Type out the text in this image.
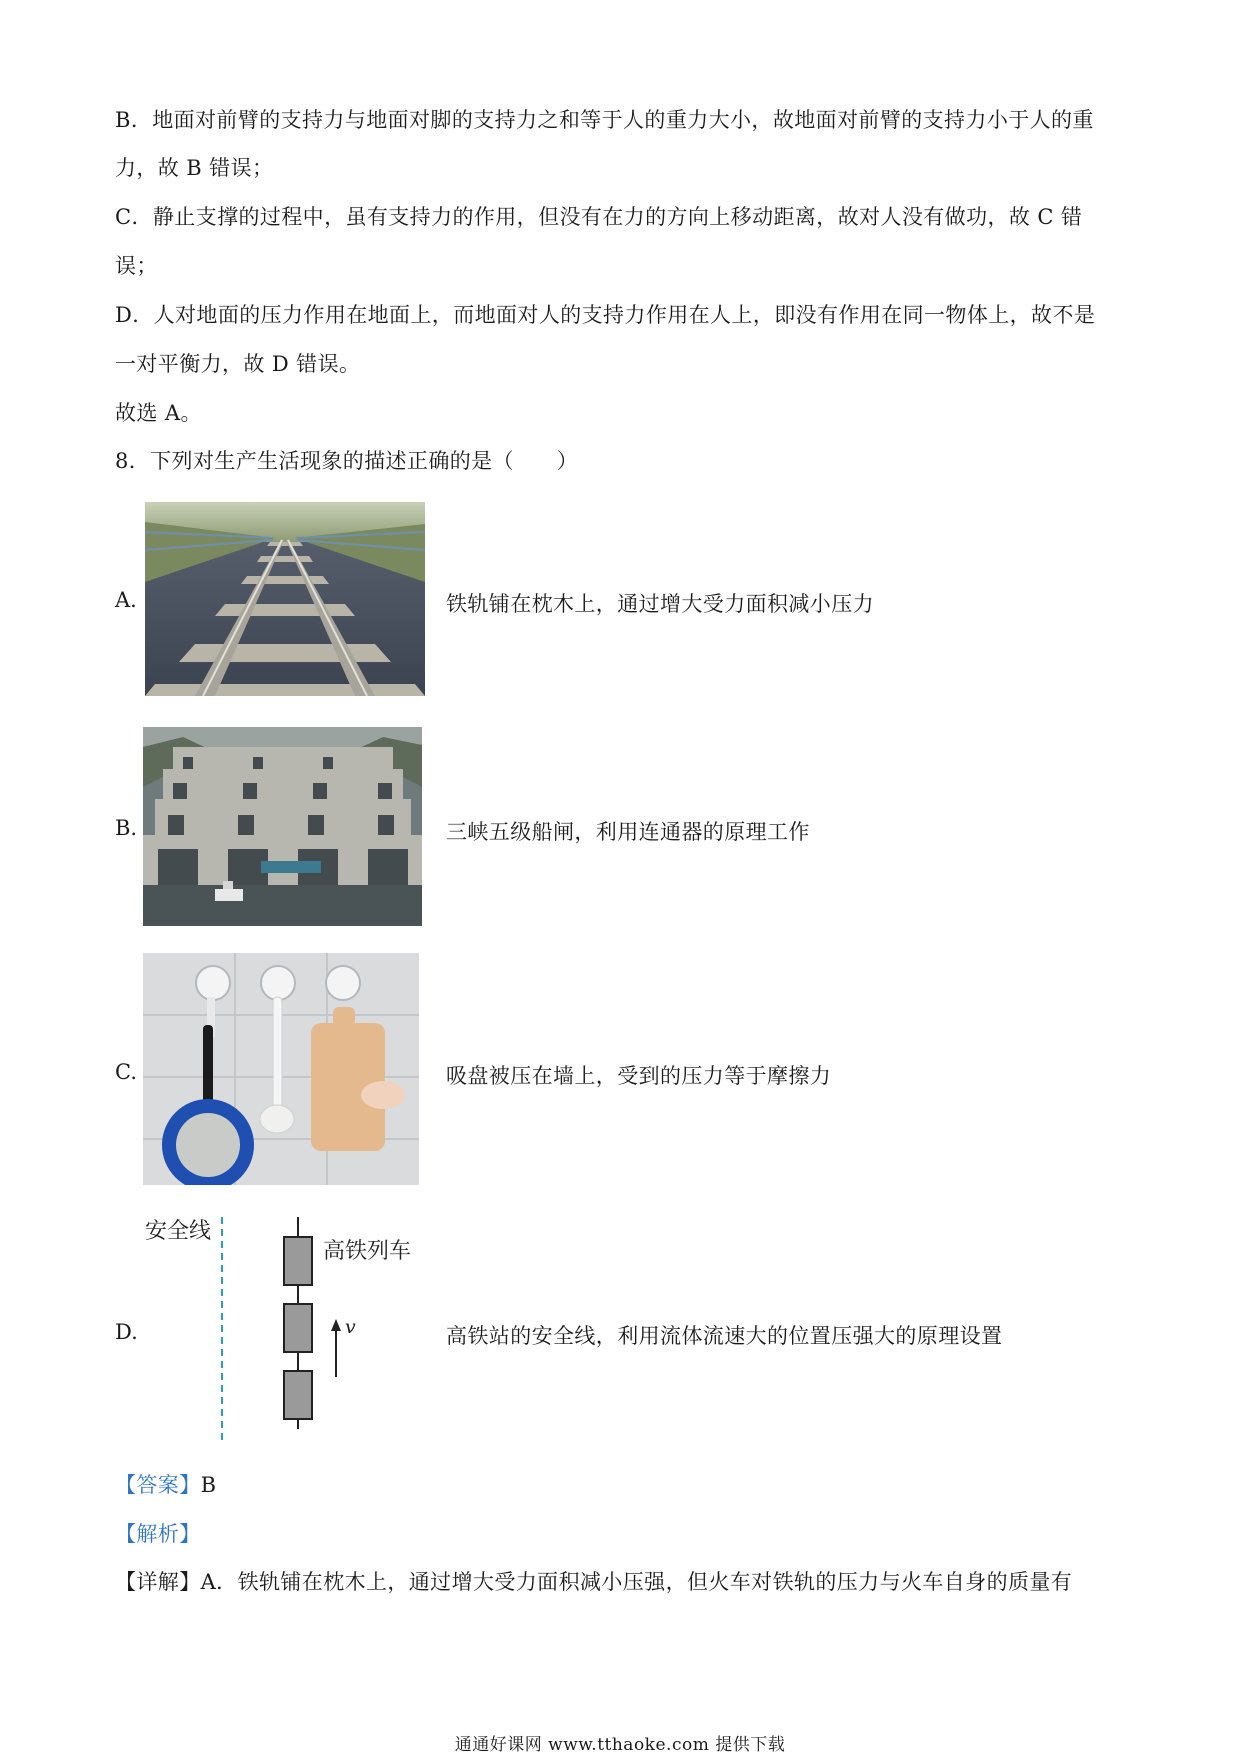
B．地面对前臂的支持力与地面对脚的支持力之和等于人的重力大小，故地面对前臂的支持力小于人的重
力，故 B 错误；
C．静止支撑的过程中，虽有支持力的作用，但没有在力的方向上移动距离，故对人没有做功，故 C 错
误；
D．人对地面的压力作用在地面上，而地面对人的支持力作用在人上，即没有作用在同一物体上，故不是
一对平衡力，故 D 错误。
故选 A。
8．下列对生产生活现象的描述正确的是（　　）
A.	铁轨铺在枕木上，通过增大受力面积减小压力
B.	三峡五级船闸，利用连通器的原理工作
C.	吸盘被压在墙上，受到的压力等于摩擦力
D.
安全线
高铁列车
v	高铁站的安全线，利用流体流速大的位置压强大的原理设置
【答案】B
【解析】
【详解】A．铁轨铺在枕木上，通过增大受力面积减小压强，但火车对铁轨的压力与火车自身的质量有
通通好课网 www.tthaoke.com 提供下载
